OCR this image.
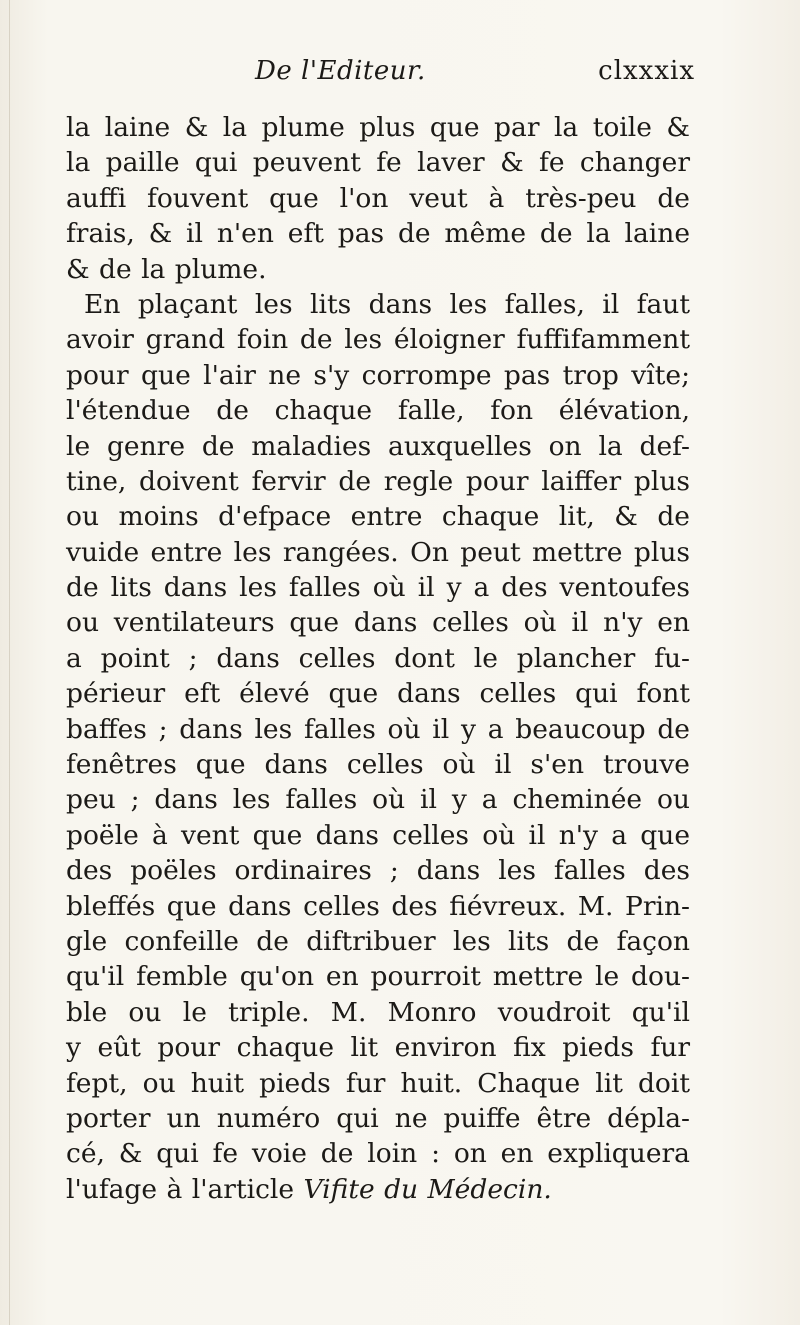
De l'Editeur.	clxxxix
la laine & la plume plus que par la toile &
la paille qui peuvent fe laver & fe changer
auffi fouvent que l'on veut à très-peu de
frais, & il n'en eft pas de même de la laine
& de la plume.
En plaçant les lits dans les falles, il faut
avoir grand foin de les éloigner fuffifamment
pour que l'air ne s'y corrompe pas trop vîte;
l'étendue de chaque falle, fon élévation,
le genre de maladies auxquelles on la def-
tine, doivent fervir de regle pour laiffer plus
ou moins d'efpace entre chaque lit, & de
vuide entre les rangées. On peut mettre plus
de lits dans les falles où il y a des ventoufes
ou ventilateurs que dans celles où il n'y en
a point ; dans celles dont le plancher fu-
périeur eft élevé que dans celles qui font
baffes ; dans les falles où il y a beaucoup de
fenêtres que dans celles où il s'en trouve
peu ; dans les falles où il y a cheminée ou
poële à vent que dans celles où il n'y a que
des poëles ordinaires ; dans les falles des
bleffés que dans celles des fiévreux. M. Prin-
gle confeille de diftribuer les lits de façon
qu'il femble qu'on en pourroit mettre le dou-
ble ou le triple. M. Monro voudroit qu'il
y eût pour chaque lit environ fix pieds fur
fept, ou huit pieds fur huit. Chaque lit doit
porter un numéro qui ne puiffe être dépla-
cé, & qui fe voie de loin : on en expliquera
l'ufage à l'article Vifite du Médecin.
